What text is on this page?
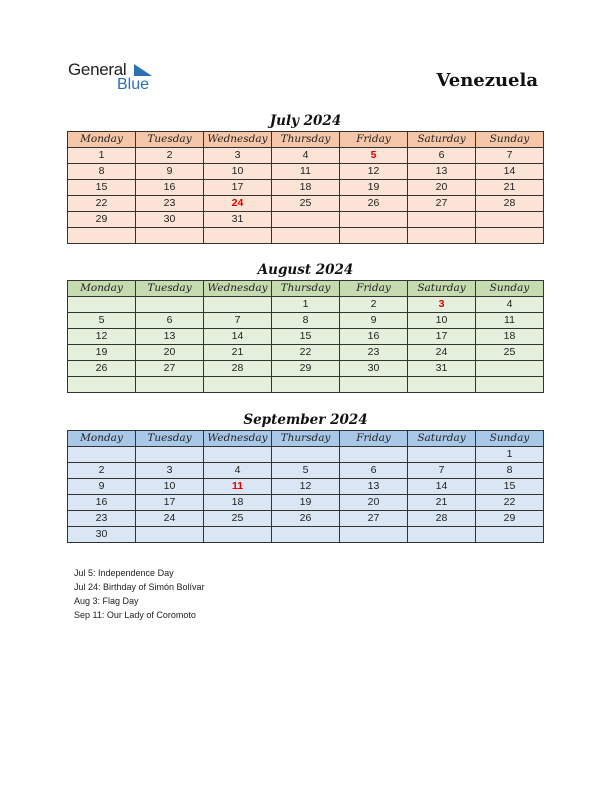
General
Blue	Venezuela
July 2024
Monday	Tuesday	Wednesday	Thursday	Friday	Saturday	Sunday
1	2	3	4	5	6	7
8	9	10	11	12	13	14
15	16	17	18	19	20	21
22	23	24	25	26	27	28
29	30	31				

August 2024
Monday	Tuesday	Wednesday	Thursday	Friday	Saturday	Sunday
			1	2	3	4
5	6	7	8	9	10	11
12	13	14	15	16	17	18
19	20	21	22	23	24	25
26	27	28	29	30	31	

September 2024
Monday	Tuesday	Wednesday	Thursday	Friday	Saturday	Sunday
						1
2	3	4	5	6	7	8
9	10	11	12	13	14	15
16	17	18	19	20	21	22
23	24	25	26	27	28	29
30						
Jul 5: Independence Day
Jul 24: Birthday of Simón Bolívar
Aug 3: Flag Day
Sep 11: Our Lady of Coromoto
